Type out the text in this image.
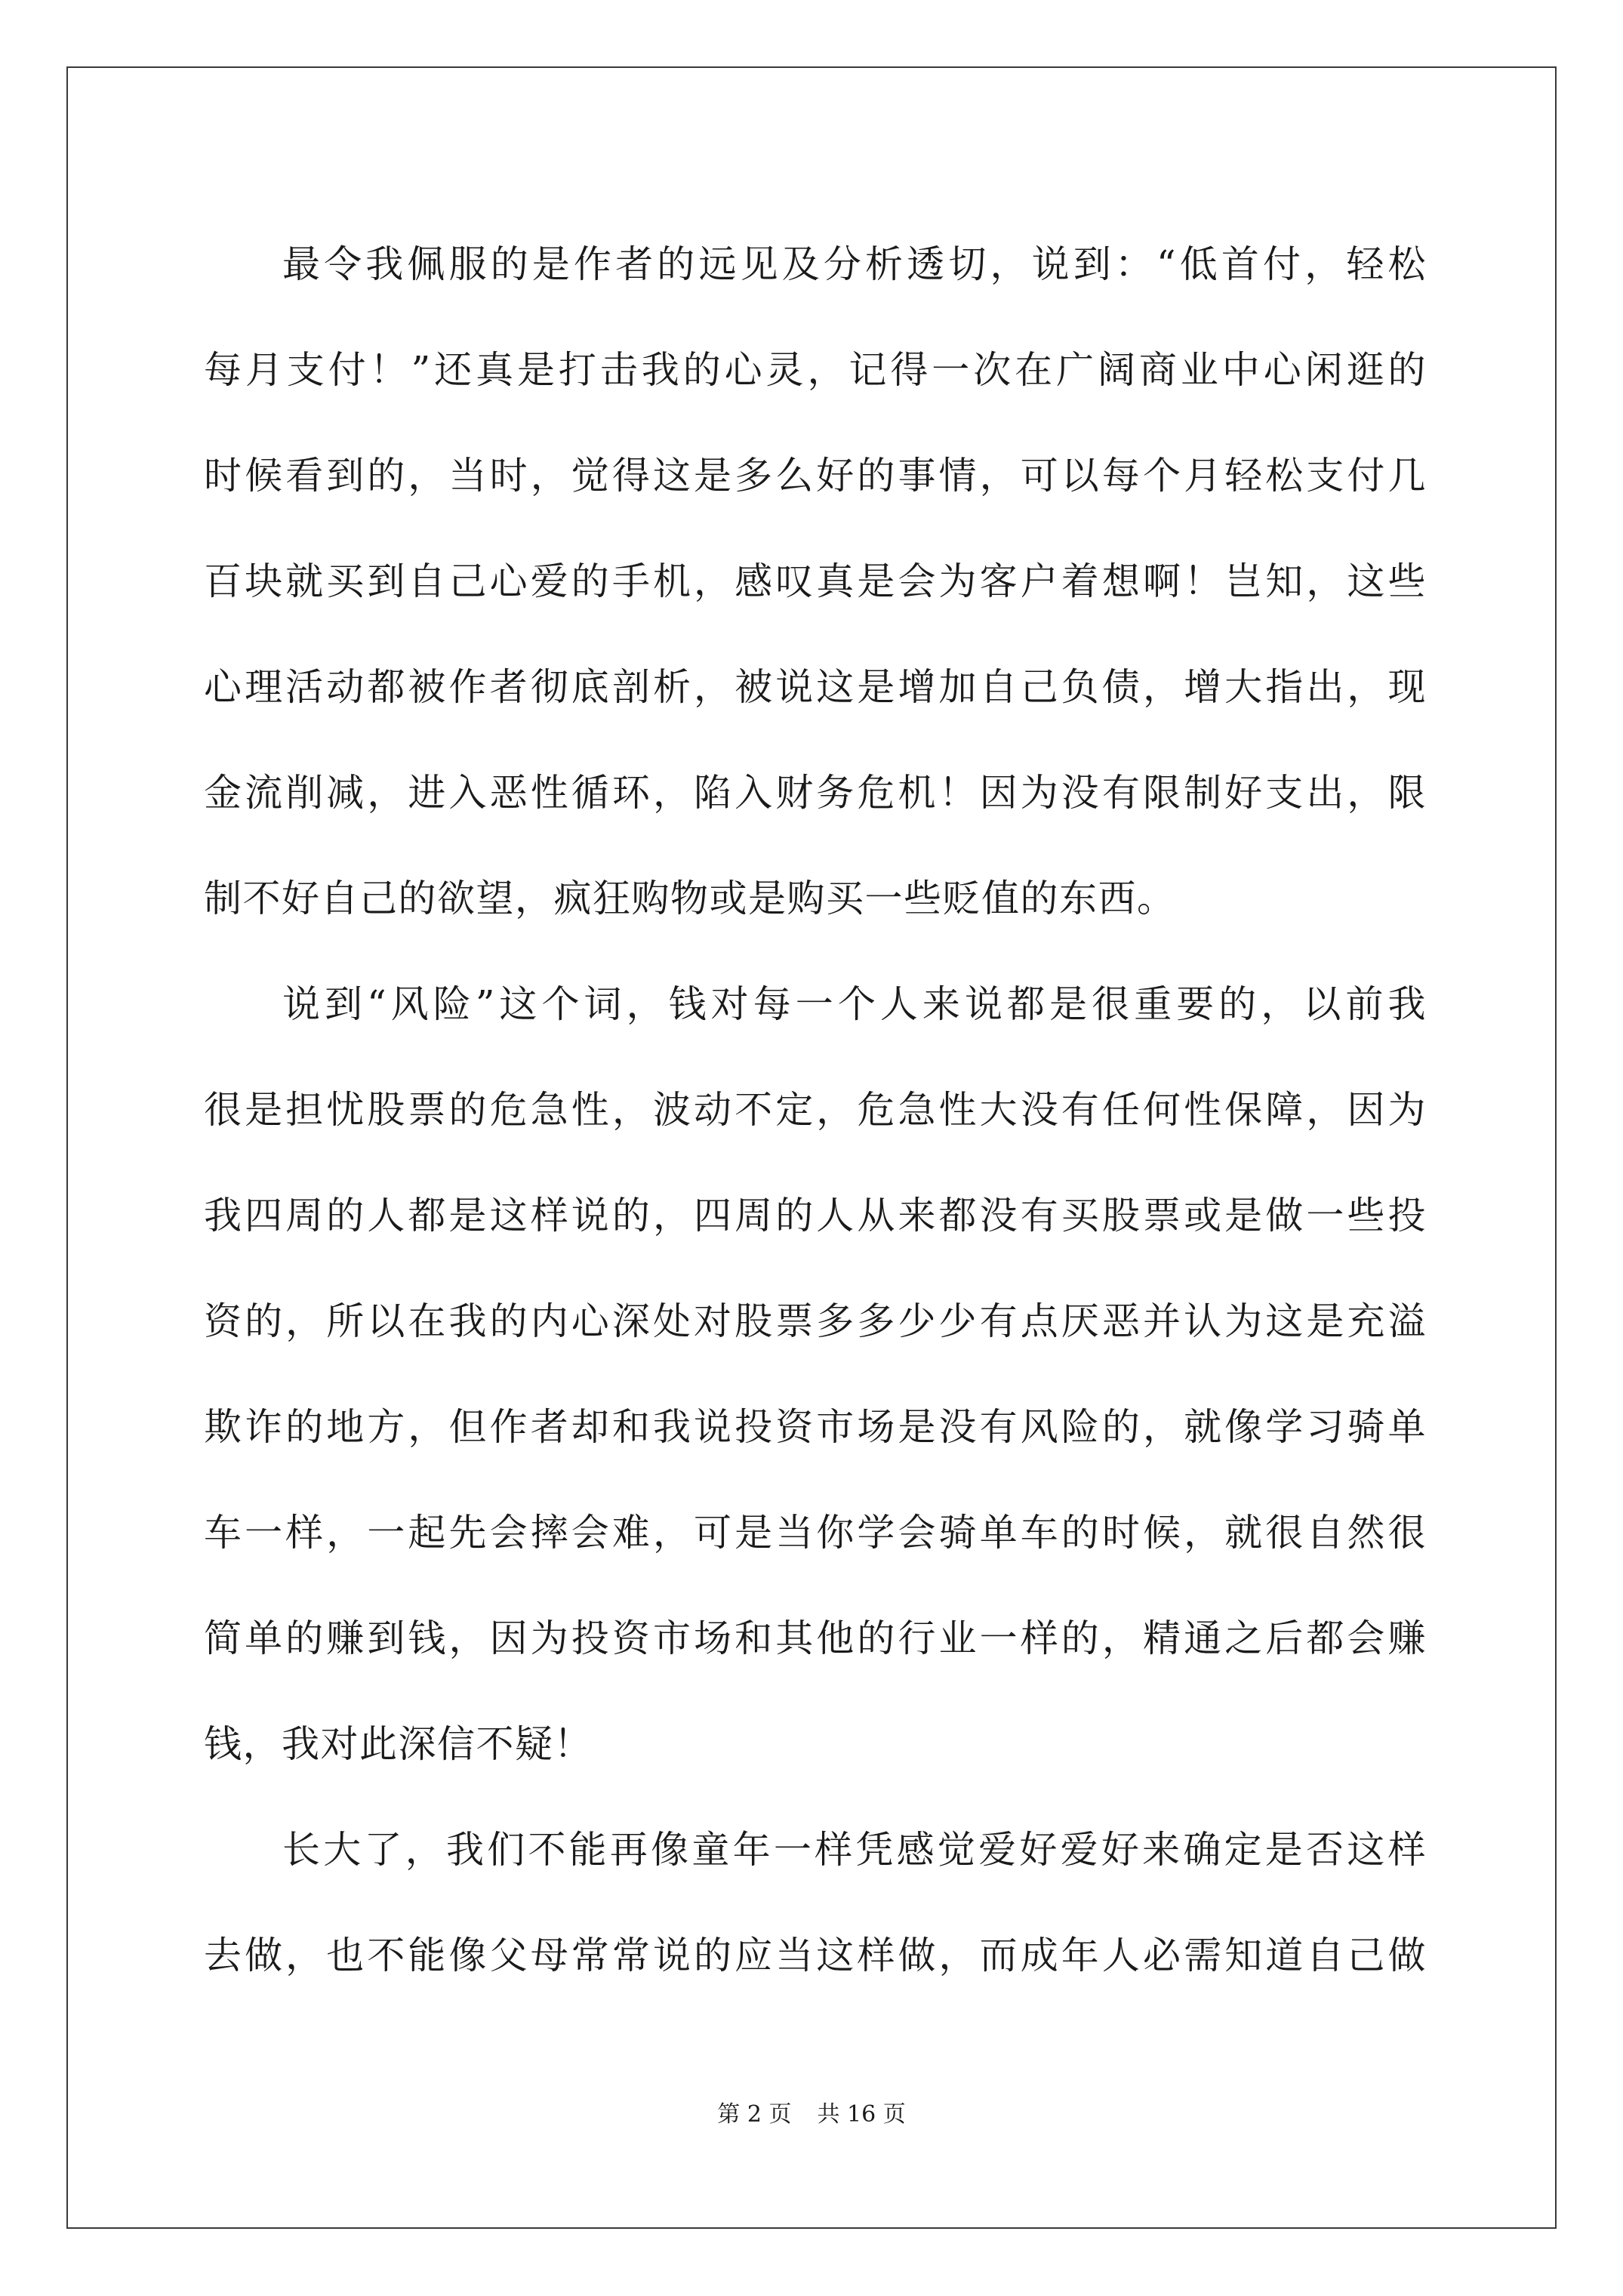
最令我佩服的是作者的远见及分析透切，说到：“低首付，轻松
每月支付！”还真是打击我的心灵，记得一次在广阔商业中心闲逛的
时候看到的，当时，觉得这是多么好的事情，可以每个月轻松支付几
百块就买到自己心爱的手机，感叹真是会为客户着想啊！岂知，这些
心理活动都被作者彻底剖析，被说这是增加自己负债，增大指出，现
金流削减，进入恶性循环，陷入财务危机！因为没有限制好支出，限
制不好自己的欲望，疯狂购物或是购买一些贬值的东西。
说到“风险”这个词，钱对每一个人来说都是很重要的，以前我
很是担忧股票的危急性，波动不定，危急性大没有任何性保障，因为
我四周的人都是这样说的，四周的人从来都没有买股票或是做一些投
资的，所以在我的内心深处对股票多多少少有点厌恶并认为这是充溢
欺诈的地方，但作者却和我说投资市场是没有风险的，就像学习骑单
车一样，一起先会摔会难，可是当你学会骑单车的时候，就很自然很
简单的赚到钱，因为投资市场和其他的行业一样的，精通之后都会赚
钱，我对此深信不疑！
长大了，我们不能再像童年一样凭感觉爱好爱好来确定是否这样
去做，也不能像父母常常说的应当这样做，而成年人必需知道自己做
第 2 页 共 16 页
